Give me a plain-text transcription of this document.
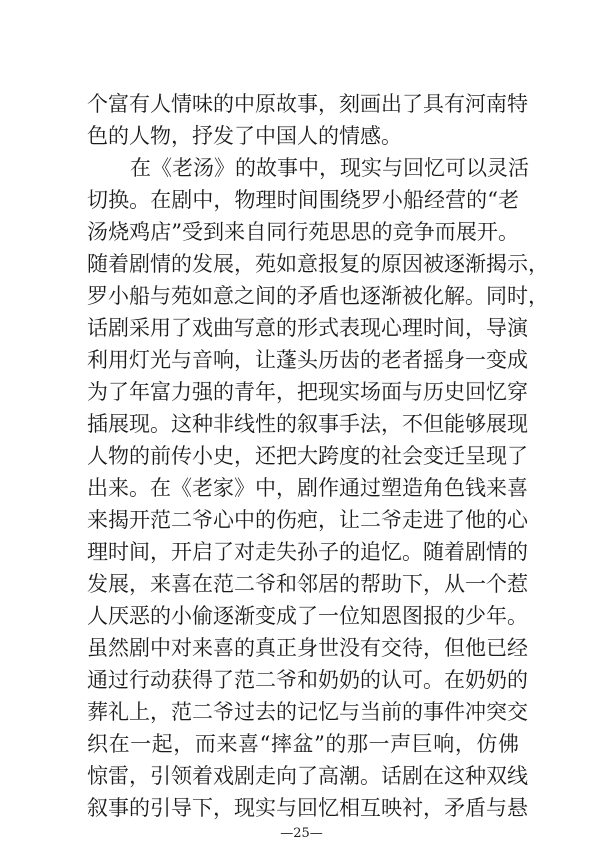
个富有人情味的中原故事，刻画出了具有河南特
色的人物，抒发了中国人的情感。
在《老汤》的故事中，现实与回忆可以灵活
切换。在剧中，物理时间围绕罗小船经营的“老
汤烧鸡店”受到来自同行苑思思的竞争而展开。
随着剧情的发展，苑如意报复的原因被逐渐揭示，
罗小船与苑如意之间的矛盾也逐渐被化解。同时，
话剧采用了戏曲写意的形式表现心理时间，导演
利用灯光与音响，让蓬头历齿的老者摇身一变成
为了年富力强的青年，把现实场面与历史回忆穿
插展现。这种非线性的叙事手法，不但能够展现
人物的前传小史，还把大跨度的社会变迁呈现了
出来。在《老家》中，剧作通过塑造角色钱来喜
来揭开范二爷心中的伤疤，让二爷走进了他的心
理时间，开启了对走失孙子的追忆。随着剧情的
发展，来喜在范二爷和邻居的帮助下，从一个惹
人厌恶的小偷逐渐变成了一位知恩图报的少年。
虽然剧中对来喜的真正身世没有交待，但他已经
通过行动获得了范二爷和奶奶的认可。在奶奶的
葬礼上，范二爷过去的记忆与当前的事件冲突交
织在一起，而来喜“摔盆”的那一声巨响，仿佛
惊雷，引领着戏剧走向了高潮。话剧在这种双线
叙事的引导下，现实与回忆相互映衬，矛盾与悬
—25—
